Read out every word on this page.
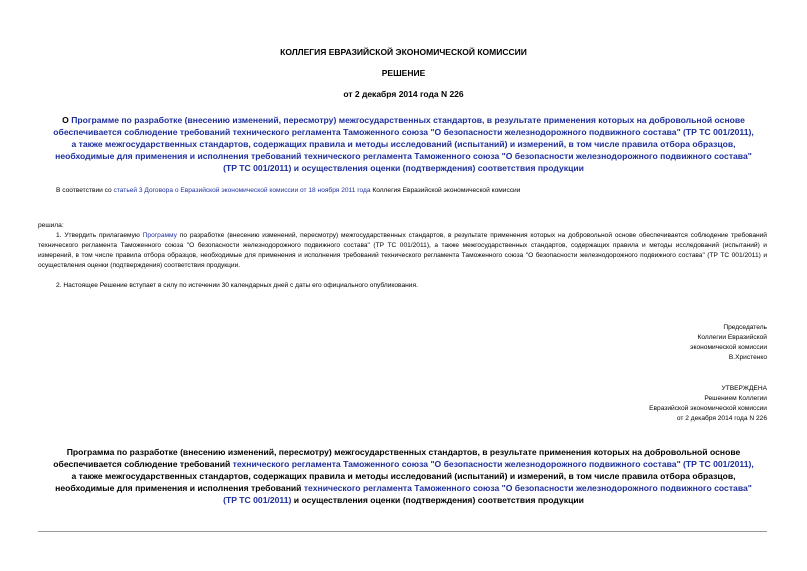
КОЛЛЕГИЯ ЕВРАЗИЙСКОЙ ЭКОНОМИЧЕСКОЙ КОМИССИИ
РЕШЕНИЕ
от 2 декабря 2014 года N 226
О Программе по разработке (внесению изменений, пересмотру) межгосударственных стандартов, в результате применения которых на добровольной основе
обеспечивается соблюдение требований технического регламента Таможенного союза "О безопасности железнодорожного подвижного состава" (ТР ТС 001/2011),
а также межгосударственных стандартов, содержащих правила и методы исследований (испытаний) и измерений, в том числе правила отбора образцов,
необходимые для применения и исполнения требований технического регламента Таможенного союза "О безопасности железнодорожного подвижного состава"
(ТР ТС 001/2011) и осуществления оценки (подтверждения) соответствия продукции
В соответствии со статьей 3 Договора о Евразийской экономической комиссии от 18 ноября 2011 года Коллегия Евразийской экономической комиссии
решила:
1. Утвердить прилагаемую Программу по разработке (внесению изменений, пересмотру) межгосударственных стандартов, в результате применения которых на добровольной основе обеспечивается соблюдение требований технического регламента Таможенного союза "О безопасности железнодорожного подвижного состава" (ТР ТС 001/2011), а также межгосударственных стандартов, содержащих правила и методы исследований (испытаний) и измерений, в том числе правила отбора образцов, необходимые для применения и исполнения требований технического регламента Таможенного союза "О безопасности железнодорожного подвижного состава" (ТР ТС 001/2011) и осуществления оценки (подтверждения) соответствия продукции.
2. Настоящее Решение вступает в силу по истечении 30 календарных дней с даты его официального опубликования.
Председатель
Коллегии Евразийской
экономической комиссии
В.Христенко
УТВЕРЖДЕНА
Решением Коллегии
Евразийской экономической комиссии
от 2 декабря 2014 года N 226
Программа по разработке (внесению изменений, пересмотру) межгосударственных стандартов, в результате применения которых на добровольной основе
обеспечивается соблюдение требований технического регламента Таможенного союза "О безопасности железнодорожного подвижного состава" (ТР ТС 001/2011),
а также межгосударственных стандартов, содержащих правила и методы исследований (испытаний) и измерений, в том числе правила отбора образцов,
необходимые для применения и исполнения требований технического регламента Таможенного союза "О безопасности железнодорожного подвижного состава"
(ТР ТС 001/2011) и осуществления оценки (подтверждения) соответствия продукции
